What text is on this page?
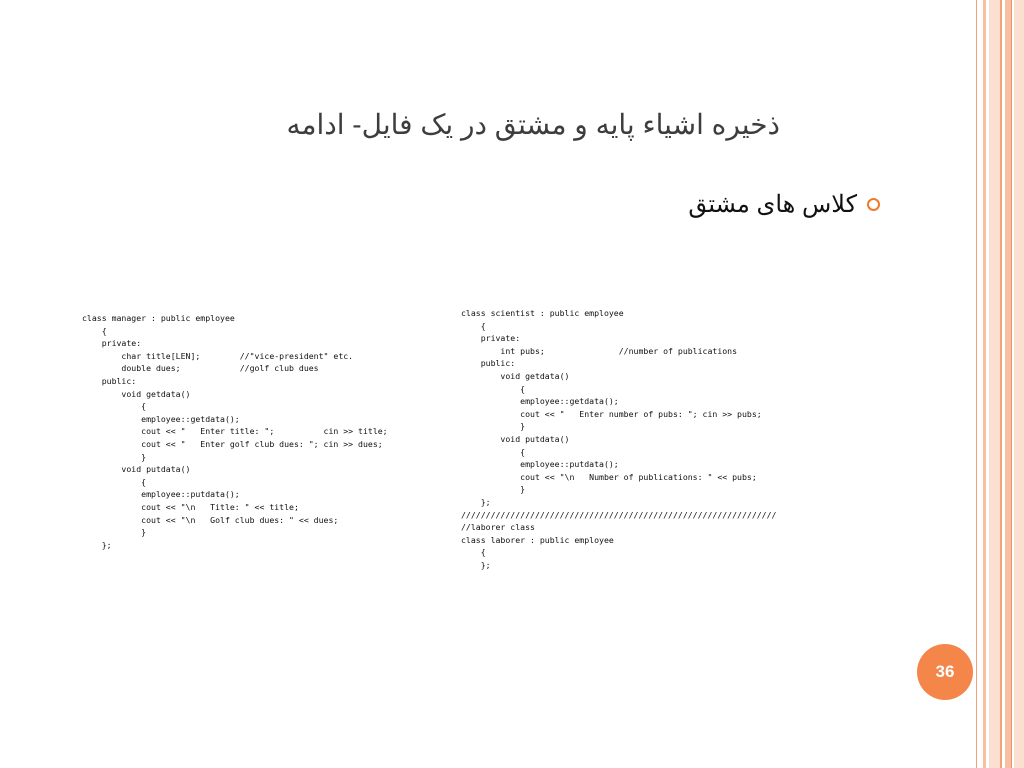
ذخیره اشیاء پایه و مشتق در یک فایل- ادامه
کلاس های مشتق
class manager : public employee
{
private:
char title[LEN];        //"vice-president" etc.
double dues;            //golf club dues
public:
void getdata()
{
employee::getdata();
cout << "   Enter title: ";          cin >> title;
cout << "   Enter golf club dues: "; cin >> dues;
}
void putdata()
{
employee::putdata();
cout << "\n   Title: " << title;
cout << "\n   Golf club dues: " << dues;
}
};
class scientist : public employee
{
private:
int pubs;               //number of publications
public:
void getdata()
{
employee::getdata();
cout << "   Enter number of pubs: "; cin >> pubs;
}
void putdata()
{
employee::putdata();
cout << "\n   Number of publications: " << pubs;
}
};
////////////////////////////////////////////////////////////////
//laborer class
class laborer : public employee
{
};
36
